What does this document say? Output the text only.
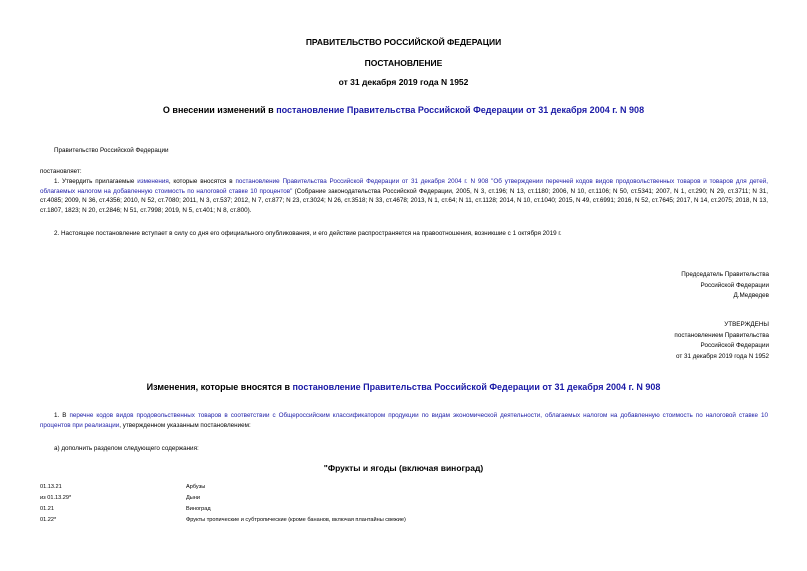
ПРАВИТЕЛЬСТВО РОССИЙСКОЙ ФЕДЕРАЦИИ
ПОСТАНОВЛЕНИЕ
от 31 декабря 2019 года N 1952
О внесении изменений в постановление Правительства Российской Федерации от 31 декабря 2004 г. N 908
Правительство Российской Федерации
постановляет:
1. Утвердить прилагаемые изменения, которые вносятся в постановление Правительства Российской Федерации от 31 декабря 2004 г. N 908 "Об утверждении перечней кодов видов продовольственных товаров и товаров для детей, облагаемых налогом на добавленную стоимость по налоговой ставке 10 процентов" (Собрание законодательства Российской Федерации, 2005, N 3, ст.196; N 13, ст.1180; 2006, N 10, ст.1106; N 50, ст.5341; 2007, N 1, ст.290; N 29, ст.3711; N 31, ст.4085; 2009, N 36, ст.4356; 2010, N 52, ст.7080; 2011, N 3, ст.537; 2012, N 7, ст.877; N 23, ст.3024; N 26, ст.3518; N 33, ст.4678; 2013, N 1, ст.64; N 11, ст.1128; 2014, N 10, ст.1040; 2015, N 49, ст.6991; 2016, N 52, ст.7645; 2017, N 14, ст.2075; 2018, N 13, ст.1807, 1823; N 20, ст.2846; N 51, ст.7998; 2019, N 5, ст.401; N 8, ст.800).
2. Настоящее постановление вступает в силу со дня его официального опубликования, и его действие распространяется на правоотношения, возникшие с 1 октября 2019 г.
Председатель Правительства
Российской Федерации
Д.Медведев
УТВЕРЖДЕНЫ
постановлением Правительства
Российской Федерации
от 31 декабря 2019 года N 1952
Изменения, которые вносятся в постановление Правительства Российской Федерации от 31 декабря 2004 г. N 908
1. В перечне кодов видов продовольственных товаров в соответствии с Общероссийским классификатором продукции по видам экономической деятельности, облагаемых налогом на добавленную стоимость по налоговой ставке 10 процентов при реализации, утвержденном указанным постановлением:
а) дополнить разделом следующего содержания:
"Фрукты и ягоды (включая виноград)
01.13.21	Арбузы
из 01.13.29*	Дыни
01.21	Виноград
01.22*	Фрукты тропические и субтропические (кроме бананов, включая плантайны свежие)
